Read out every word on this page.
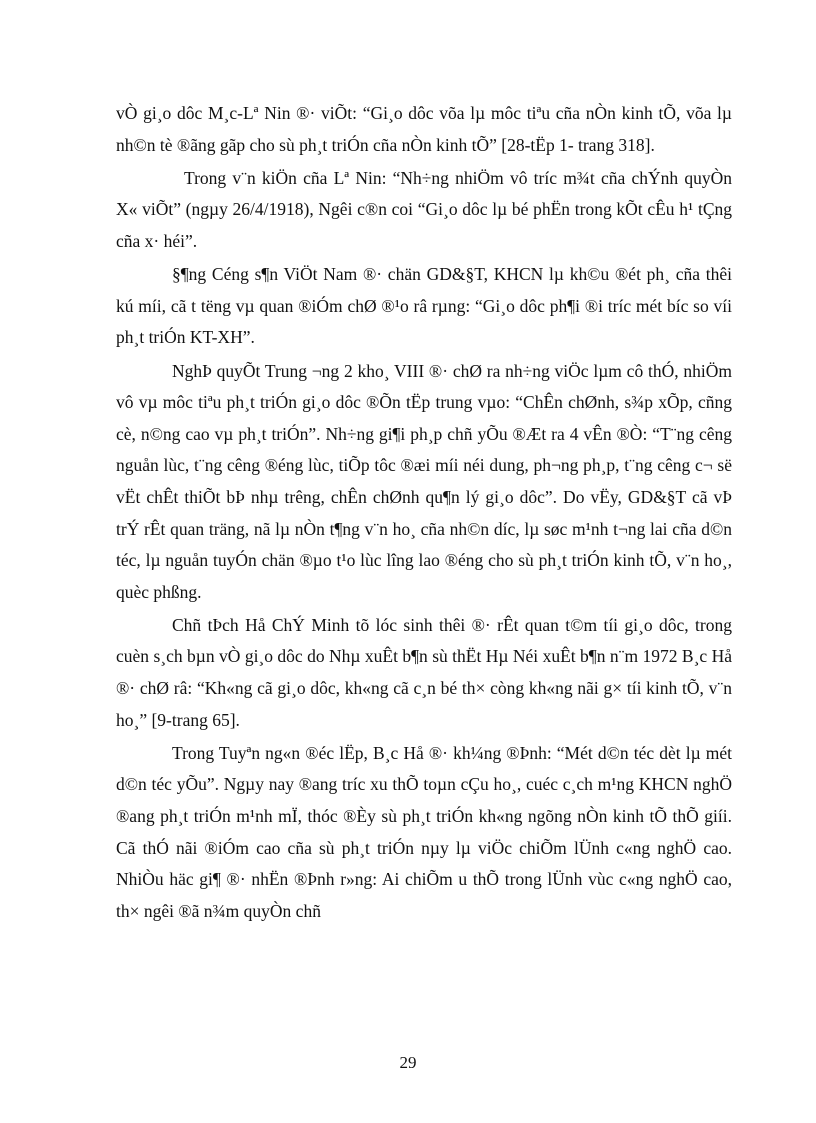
vÒ gi¸o dôc M¸c-Lª Nin ®· viÕt: “Gi¸o dôc võa lµ môc tiªu cña nÒn kinh tÕ, võa lµ nh©n tè ®ãng gãp cho sù ph¸t triÓn cña nÒn kinh tÕ” [28-tËp 1- trang 318].

Trong v¨n kiÖn cña Lª Nin: “Nh÷ng nhiÖm vô tríc m¾t cña chÝnh quyÒn X« viÕt” (ngµy 26/4/1918), Ngêi c®n coi “Gi¸o dôc lµ bé phËn trong kÕt cÊu h¹ tÇng cña x· héi”.

§¶ng Céng s¶n ViÖt Nam ®· chän GD&§T, KHCN lµ kh©u ®ét ph¸ cña thêi kú míi, cã t tëng vµ quan ®iÓm chØ ®¹o râ rµng: “Gi¸o dôc ph¶i ®i tríc mét bíc so víi ph¸t triÓn KT-XH”.

NghÞ quyÕt Trung ¬ng 2 kho¸ VIII ®· chØ ra nh÷ng viÖc lµm cô thÓ, nhiÖm vô vµ môc tiªu ph¸t triÓn gi¸o dôc ®Õn tËp trung vµo: “ChÊn chØnh, s¾p xÕp, cñng cè, n©ng cao vµ ph¸t triÓn”. Nh÷ng gi¶i ph¸p chñ yÕu ®Æt ra 4 vÊn ®Ò: “T¨ng cêng nguån lùc, t¨ng cêng ®éng lùc, tiÕp tôc ®æi míi néi dung, ph¬ng ph¸p, t¨ng cêng c¬ së vËt chÊt thiÕt bÞ nhµ trêng, chÊn chØnh qu¶n lý gi¸o dôc”. Do vËy, GD&§T cã vÞ trÝ rÊt quan träng, nã lµ nÒn t¶ng v¨n ho¸ cña nh©n díc, lµ søc m¹nh t¬ng lai cña d©n téc, lµ nguån tuyÓn chän ®µo t¹o lùc lîng lao ®éng cho sù ph¸t triÓn kinh tÕ, v¨n ho¸, quèc phßng.

Chñ tÞch Hå ChÝ Minh tõ lóc sinh thêi ®· rÊt quan t©m tíi gi¸o dôc, trong cuèn s¸ch bµn vÒ gi¸o dôc do Nhµ xuÊt b¶n sù thËt Hµ Néi xuÊt b¶n n¨m 1972 B¸c Hå ®· chØ râ: “Kh«ng cã gi¸o dôc, kh«ng cã c¸n bé th× còng kh«ng nãi g× tíi kinh tÕ, v¨n ho¸” [9-trang 65].

Trong Tuyªn ng«n ®éc lËp, B¸c Hå ®· kh¼ng ®Þnh: “Mét d©n téc dèt lµ mét d©n téc yÕu”. Ngµy nay ®ang tríc xu thÕ toµn cÇu ho¸, cuéc c¸ch m¹ng KHCN nghÖ ®ang ph¸t triÓn m¹nh mÏ, thóc ®Èy sù ph¸t triÓn kh«ng ngõng nÒn kinh tÕ thÕ giíi. Cã thÓ nãi ®iÓm cao cña sù ph¸t triÓn nµy lµ viÖc chiÕm lÜnh c«ng nghÖ cao. NhiÒu häc gi¶ ®· nhËn ®Þnh r»ng: Ai chiÕm u thÕ trong lÜnh vùc c«ng nghÖ cao, th× ngêi ®ã n¾m quyÒn chñ

29
